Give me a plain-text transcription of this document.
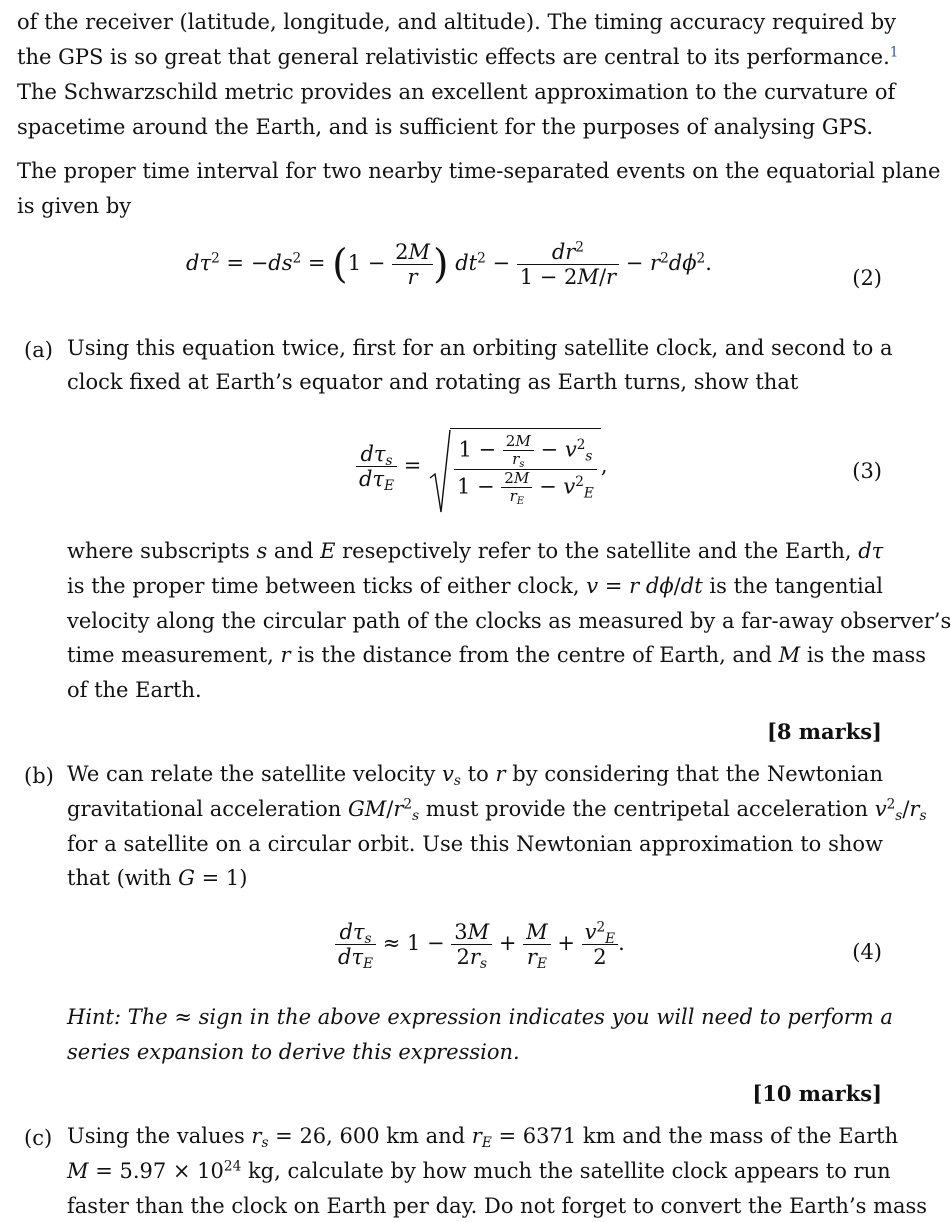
of the receiver (latitude, longitude, and altitude). The timing accuracy required by
the GPS is so great that general relativistic effects are central to its performance.$^1$
The Schwarzschild metric provides an excellent approximation to the curvature of
spacetime around the Earth, and is sufficient for the purposes of analysing GPS.
The proper time interval for two nearby time-separated events on the equatorial plane
is given by
$d\tau^2 = -ds^2 = (1 - \frac{2M}{r}$ ) $dt^2 - \frac{dr^2}{1 - 2M/r} - r^2d\phi^2$.
(2)
(a) Using this equation twice, first for an orbiting satellite clock, and second to a
clock fixed at Earth’s equator and rotating as Earth turns, show that
$\frac{d\tau_s}{d\tau_E} = \frac{1 - \frac{2M}{r_s} - v^2_s}{1 - \frac{2M}{r_E} - v^2_E}$ ,	(3)
where subscripts s and E resepctively refer to the satellite and the Earth, dτ
is the proper time between ticks of either clock, v = r dϕ/dt is the tangential
velocity along the circular path of the clocks as measured by a far-away observer’s
time measurement, r is the distance from the centre of Earth, and M is the mass
of the Earth.
[8 marks]
(b) We can relate the satellite velocity $v_s$ to r by considering that the Newtonian
gravitational acceleration $GM/r^2_s$ must provide the centripetal acceleration $v^2_s/r_s$
for a satellite on a circular orbit. Use this Newtonian approximation to show
that (with G = 1)
$\frac{d\tau_s}{d\tau_E} \approx 1 - \frac{3M}{2r_s} + \frac{M}{r_E} + \frac{v^2_E}{2}$ .	(4)
Hint: The ≈ sign in the above expression indicates you will need to perform a
series expansion to derive this expression.
[10 marks]
(c) Using the values $r_s = 26$, 600 km and $r_E = 6371$ km and the mass of the Earth
$M = 5.97 \times 10^{24}$ kg, calculate by how much the satellite clock appears to run
faster than the clock on Earth per day. Do not forget to convert the Earth’s mass
